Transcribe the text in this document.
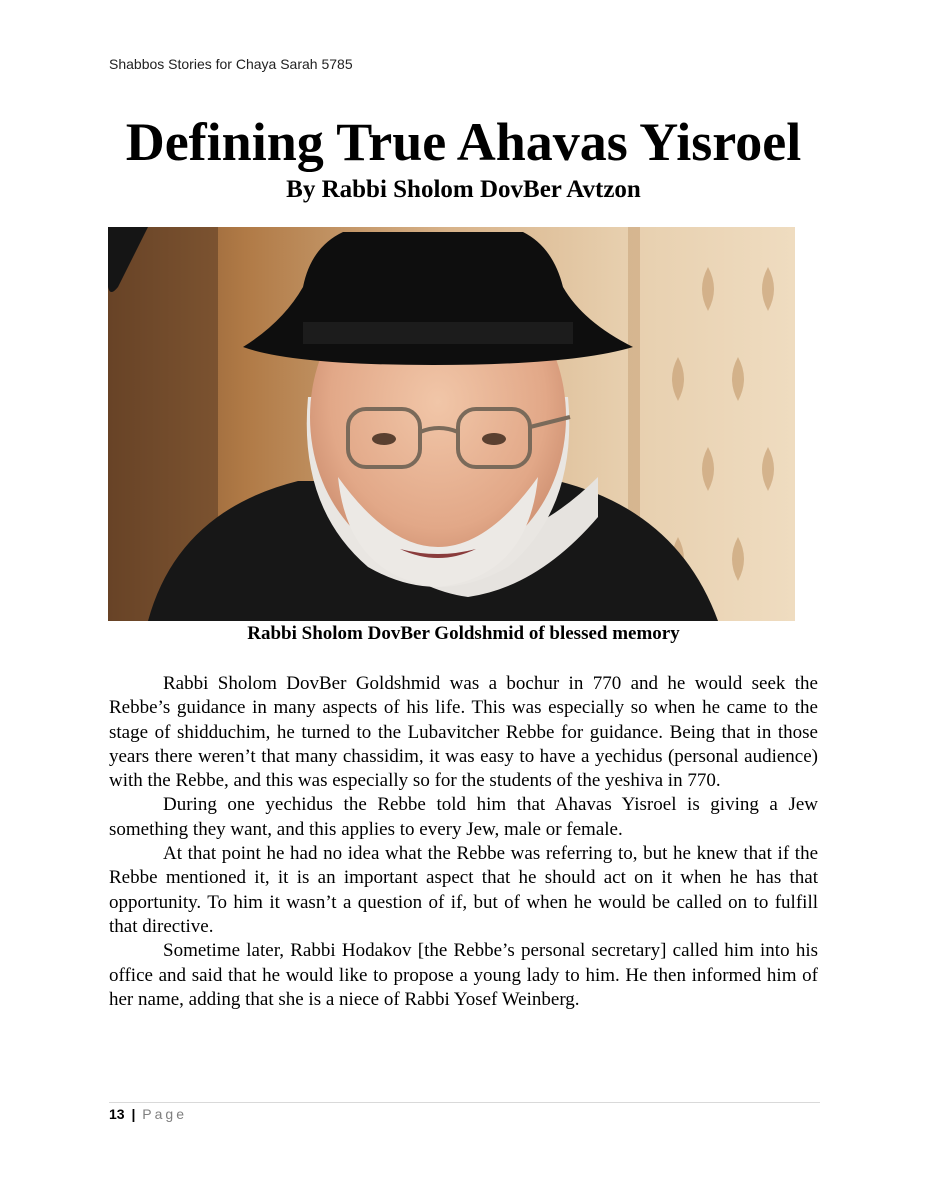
Shabbos Stories for Chaya Sarah 5785
Defining True Ahavas Yisroel
By Rabbi Sholom DovBer Avtzon
Rabbi Sholom DovBer Goldshmid of blessed memory

Rabbi Sholom DovBer Goldshmid was a bochur in 770 and he would seek the Rebbe’s guidance in many aspects of his life. This was especially so when he came to the stage of shidduchim, he turned to the Lubavitcher Rebbe for guidance. Being that in those years there weren’t that many chassidim, it was easy to have a yechidus (personal audience) with the Rebbe, and this was especially so for the students of the yeshiva in 770.

During one yechidus the Rebbe told him that Ahavas Yisroel is giving a Jew something they want, and this applies to every Jew, male or female.

At that point he had no idea what the Rebbe was referring to, but he knew that if the Rebbe mentioned it, it is an important aspect that he should act on it when he has that opportunity. To him it wasn’t a question of if, but of when he would be called on to fulfill that directive.

Sometime later, Rabbi Hodakov [the Rebbe’s personal secretary] called him into his office and said that he would like to propose a young lady to him. He then informed him of her name, adding that she is a niece of Rabbi Yosef Weinberg.

13 | Page
